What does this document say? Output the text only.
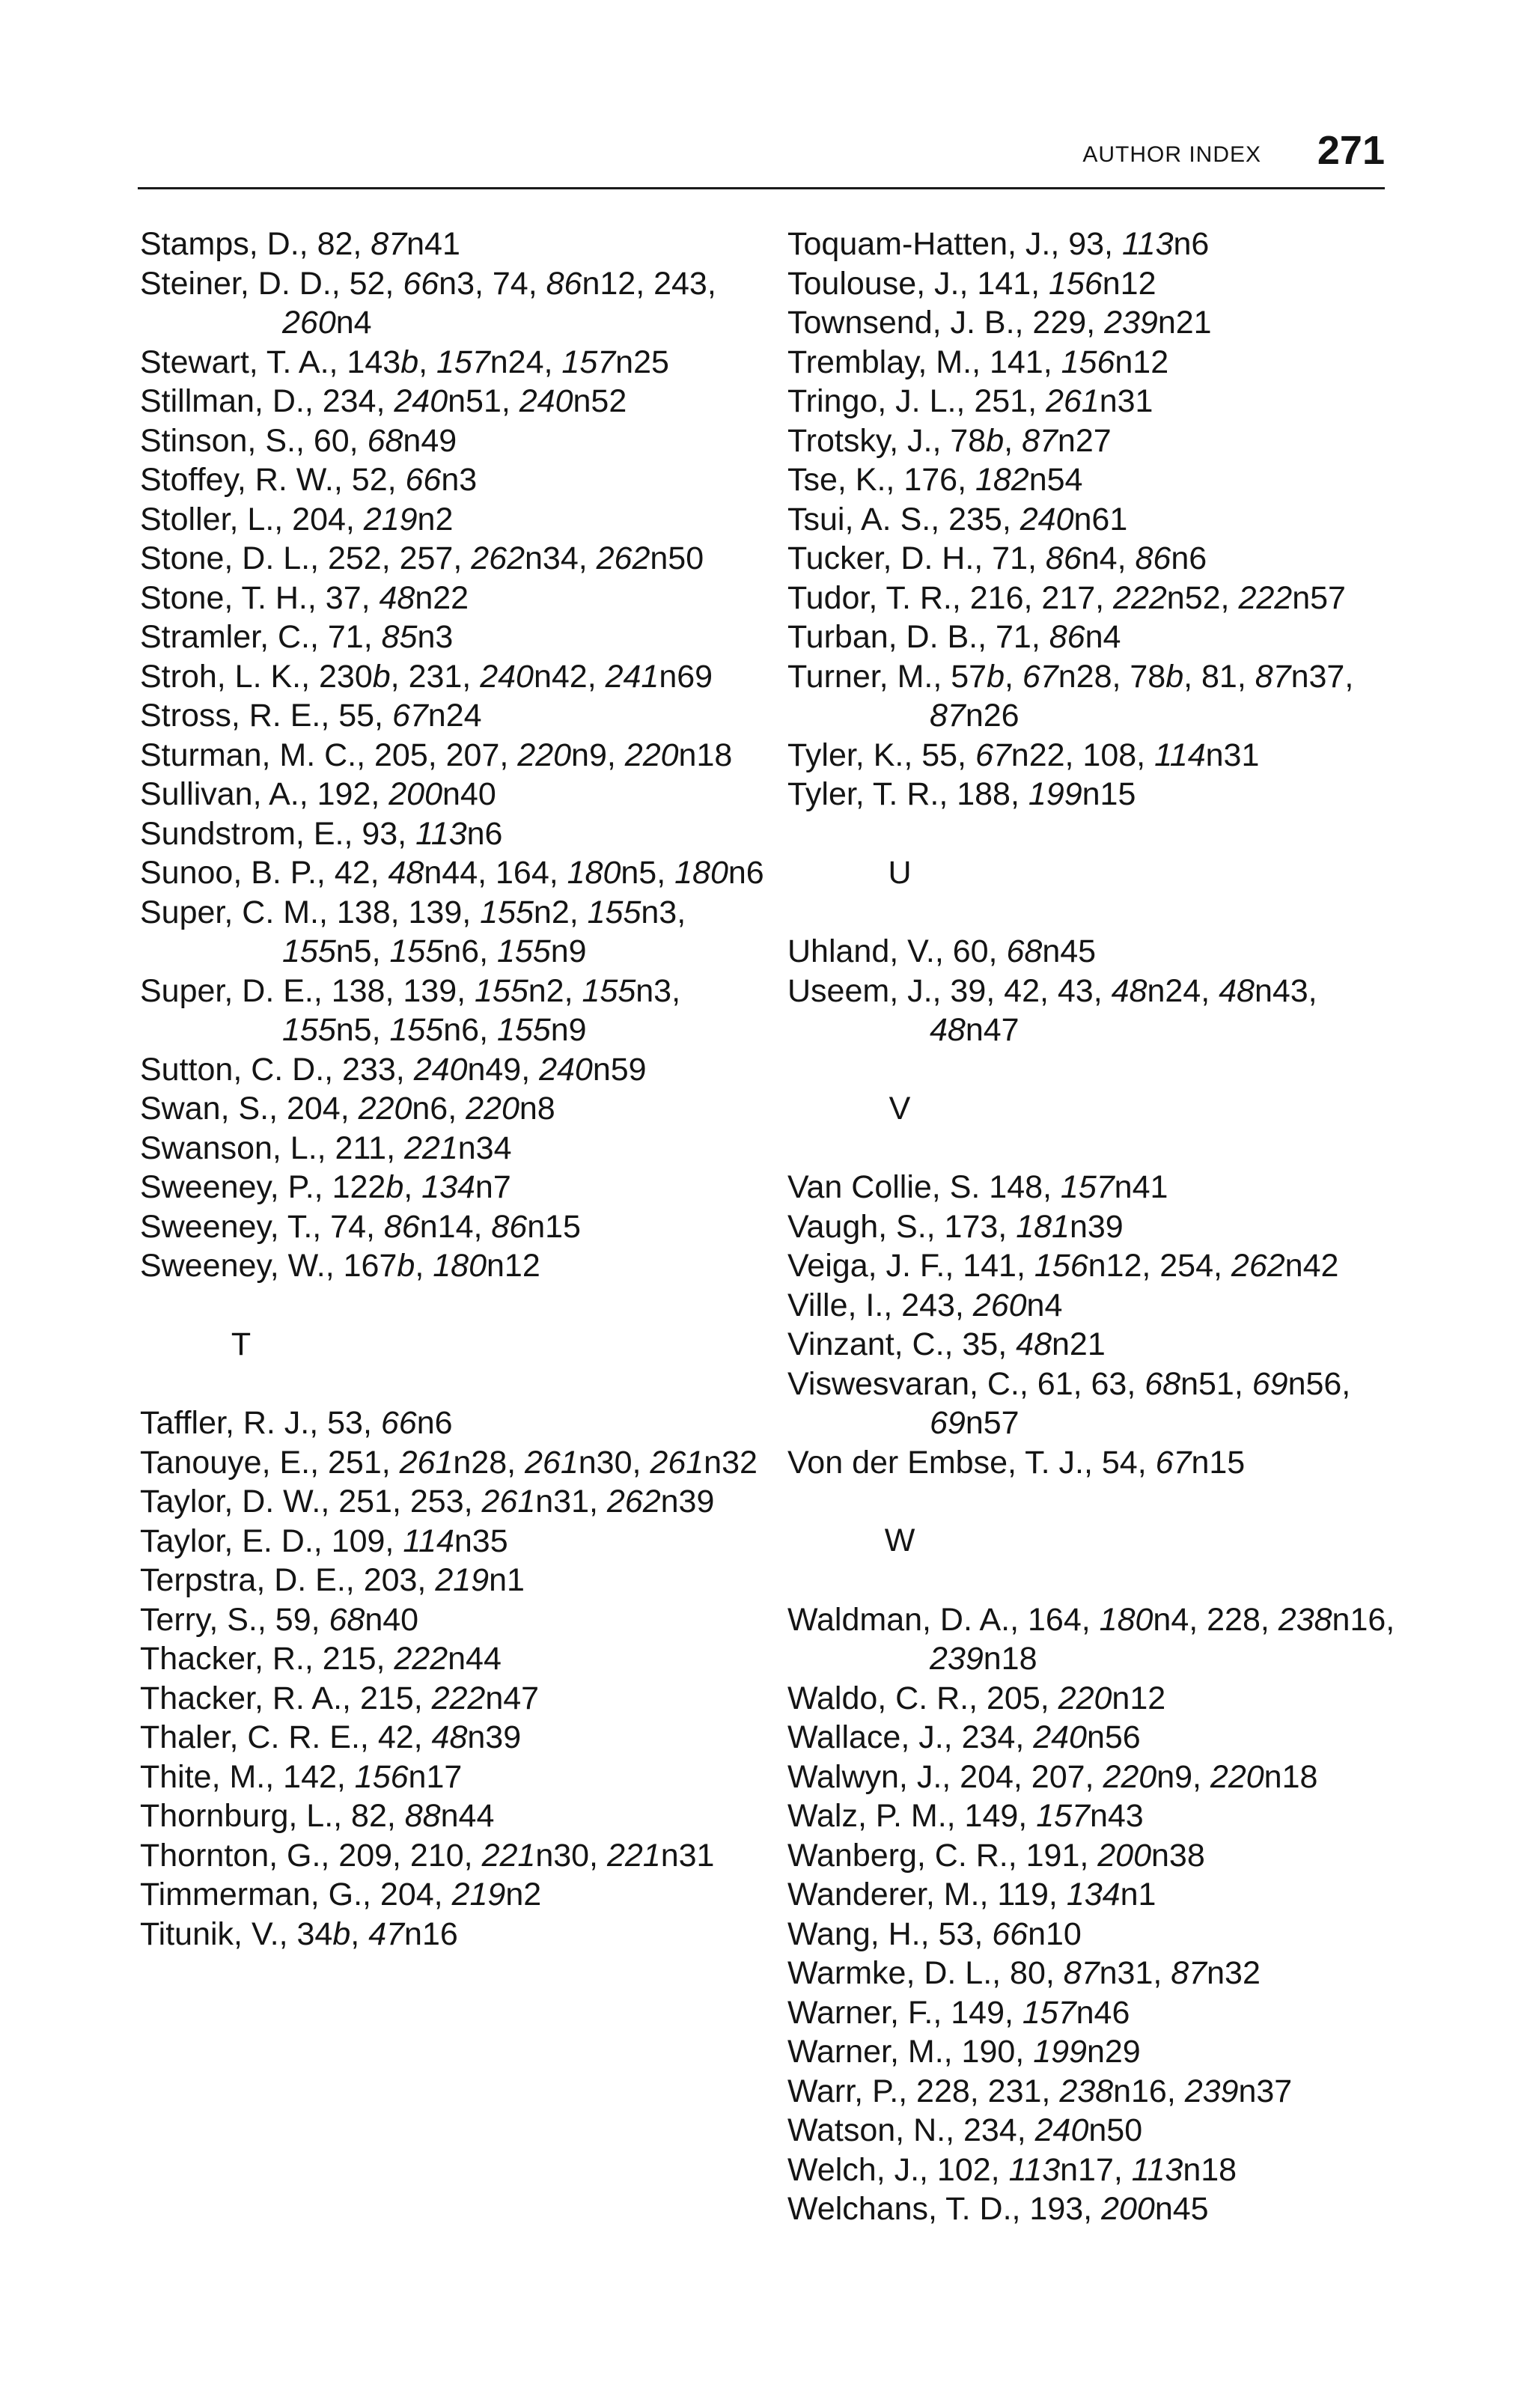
AUTHOR INDEX 271
Stamps, D., 82, 87n41
Steiner, D. D., 52, 66n3, 74, 86n12, 243, 260n4
Stewart, T. A., 143b, 157n24, 157n25
Stillman, D., 234, 240n51, 240n52
Stinson, S., 60, 68n49
Stoffey, R. W., 52, 66n3
Stoller, L., 204, 219n2
Stone, D. L., 252, 257, 262n34, 262n50
Stone, T. H., 37, 48n22
Stramler, C., 71, 85n3
Stroh, L. K., 230b, 231, 240n42, 241n69
Stross, R. E., 55, 67n24
Sturman, M. C., 205, 207, 220n9, 220n18
Sullivan, A., 192, 200n40
Sundstrom, E., 93, 113n6
Sunoo, B. P., 42, 48n44, 164, 180n5, 180n6
Super, C. M., 138, 139, 155n2, 155n3, 155n5, 155n6, 155n9
Super, D. E., 138, 139, 155n2, 155n3, 155n5, 155n6, 155n9
Sutton, C. D., 233, 240n49, 240n59
Swan, S., 204, 220n6, 220n8
Swanson, L., 211, 221n34
Sweeney, P., 122b, 134n7
Sweeney, T., 74, 86n14, 86n15
Sweeney, W., 167b, 180n12
T
Taffler, R. J., 53, 66n6
Tanouye, E., 251, 261n28, 261n30, 261n32
Taylor, D. W., 251, 253, 261n31, 262n39
Taylor, E. D., 109, 114n35
Terpstra, D. E., 203, 219n1
Terry, S., 59, 68n40
Thacker, R., 215, 222n44
Thacker, R. A., 215, 222n47
Thaler, C. R. E., 42, 48n39
Thite, M., 142, 156n17
Thornburg, L., 82, 88n44
Thornton, G., 209, 210, 221n30, 221n31
Timmerman, G., 204, 219n2
Titunik, V., 34b, 47n16
Toquam-Hatten, J., 93, 113n6
Toulouse, J., 141, 156n12
Townsend, J. B., 229, 239n21
Tremblay, M., 141, 156n12
Tringo, J. L., 251, 261n31
Trotsky, J., 78b, 87n27
Tse, K., 176, 182n54
Tsui, A. S., 235, 240n61
Tucker, D. H., 71, 86n4, 86n6
Tudor, T. R., 216, 217, 222n52, 222n57
Turban, D. B., 71, 86n4
Turner, M., 57b, 67n28, 78b, 81, 87n37, 87n26
Tyler, K., 55, 67n22, 108, 114n31
Tyler, T. R., 188, 199n15
U
Uhland, V., 60, 68n45
Useem, J., 39, 42, 43, 48n24, 48n43, 48n47
V
Van Collie, S. 148, 157n41
Vaugh, S., 173, 181n39
Veiga, J. F., 141, 156n12, 254, 262n42
Ville, I., 243, 260n4
Vinzant, C., 35, 48n21
Viswesvaran, C., 61, 63, 68n51, 69n56, 69n57
Von der Embse, T. J., 54, 67n15
W
Waldman, D. A., 164, 180n4, 228, 238n16, 239n18
Waldo, C. R., 205, 220n12
Wallace, J., 234, 240n56
Walwyn, J., 204, 207, 220n9, 220n18
Walz, P. M., 149, 157n43
Wanberg, C. R., 191, 200n38
Wanderer, M., 119, 134n1
Wang, H., 53, 66n10
Warmke, D. L., 80, 87n31, 87n32
Warner, F., 149, 157n46
Warner, M., 190, 199n29
Warr, P., 228, 231, 238n16, 239n37
Watson, N., 234, 240n50
Welch, J., 102, 113n17, 113n18
Welchans, T. D., 193, 200n45
